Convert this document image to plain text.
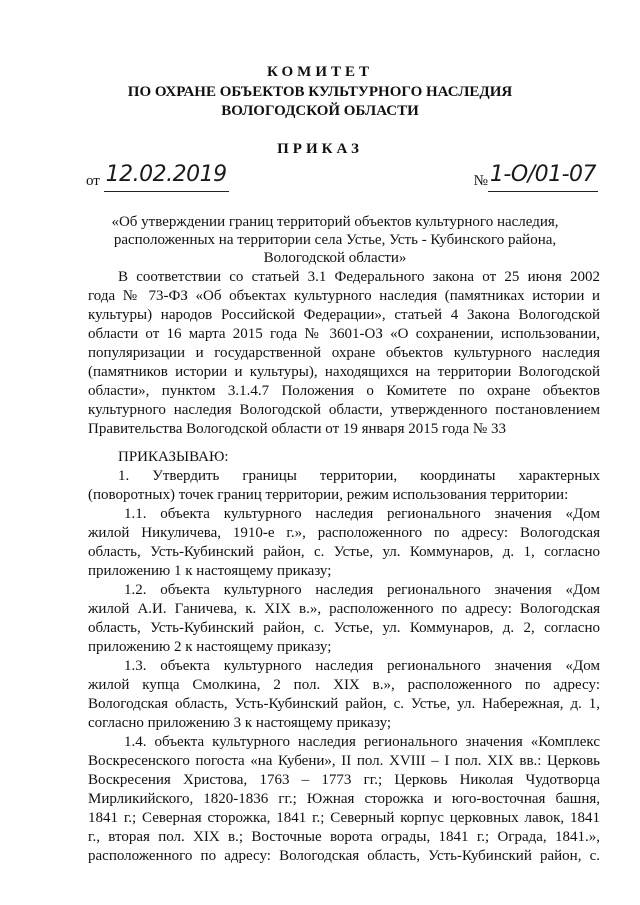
КОМИТЕТ
ПО ОХРАНЕ ОБЪЕКТОВ КУЛЬТУРНОГО НАСЛЕДИЯ
ВОЛОГОДСКОЙ ОБЛАСТИ
ПРИКАЗ
от 12.02.2019	№1-О/01-07
«Об утверждении границ территорий объектов культурного наследия,
расположенных на территории села Устье, Усть - Кубинского района,
Вологодской области»
В соответствии со статьей 3.1 Федерального закона от 25 июня 2002
года № 73-ФЗ «Об объектах культурного наследия (памятниках истории и
культуры) народов Российской Федерации», статьей 4 Закона Вологодской
области от 16 марта 2015 года № 3601-ОЗ «О сохранении, использовании,
популяризации и государственной охране объектов культурного наследия
(памятников истории и культуры), находящихся на территории Вологодской
области», пунктом 3.1.4.7 Положения о Комитете по охране объектов
культурного наследия Вологодской области, утвержденного постановлением
Правительства Вологодской области от 19 января 2015 года № 33
ПРИКАЗЫВАЮ:
1. Утвердить границы территории, координаты характерных
(поворотных) точек границ территории, режим использования территории:
1.1. объекта культурного наследия регионального значения «Дом
жилой Никуличева, 1910-е г.», расположенного по адресу: Вологодская
область, Усть-Кубинский район, с. Устье, ул. Коммунаров, д. 1, согласно
приложению 1 к настоящему приказу;
1.2. объекта культурного наследия регионального значения «Дом
жилой А.И. Ганичева, к. XIX в.», расположенного по адресу: Вологодская
область, Усть-Кубинский район, с. Устье, ул. Коммунаров, д. 2, согласно
приложению 2 к настоящему приказу;
1.3. объекта культурного наследия регионального значения «Дом
жилой купца Смолкина, 2 пол. XIX в.», расположенного по адресу:
Вологодская область, Усть-Кубинский район, с. Устье, ул. Набережная, д. 1,
согласно приложению 3 к настоящему приказу;
1.4. объекта культурного наследия регионального значения «Комплекс
Воскресенского погоста «на Кубени», II пол. XVIII – I пол. XIX вв.: Церковь
Воскресения Христова, 1763 – 1773 гг.; Церковь Николая Чудотворца
Мирликийского, 1820-1836 гг.; Южная сторожка и юго-восточная башня,
1841 г.; Северная сторожка, 1841 г.; Северный корпус церковных лавок, 1841
г., вторая пол. XIX в.; Восточные ворота ограды, 1841 г.; Ограда, 1841.»,
расположенного по адресу: Вологодская область, Усть-Кубинский район, с.
